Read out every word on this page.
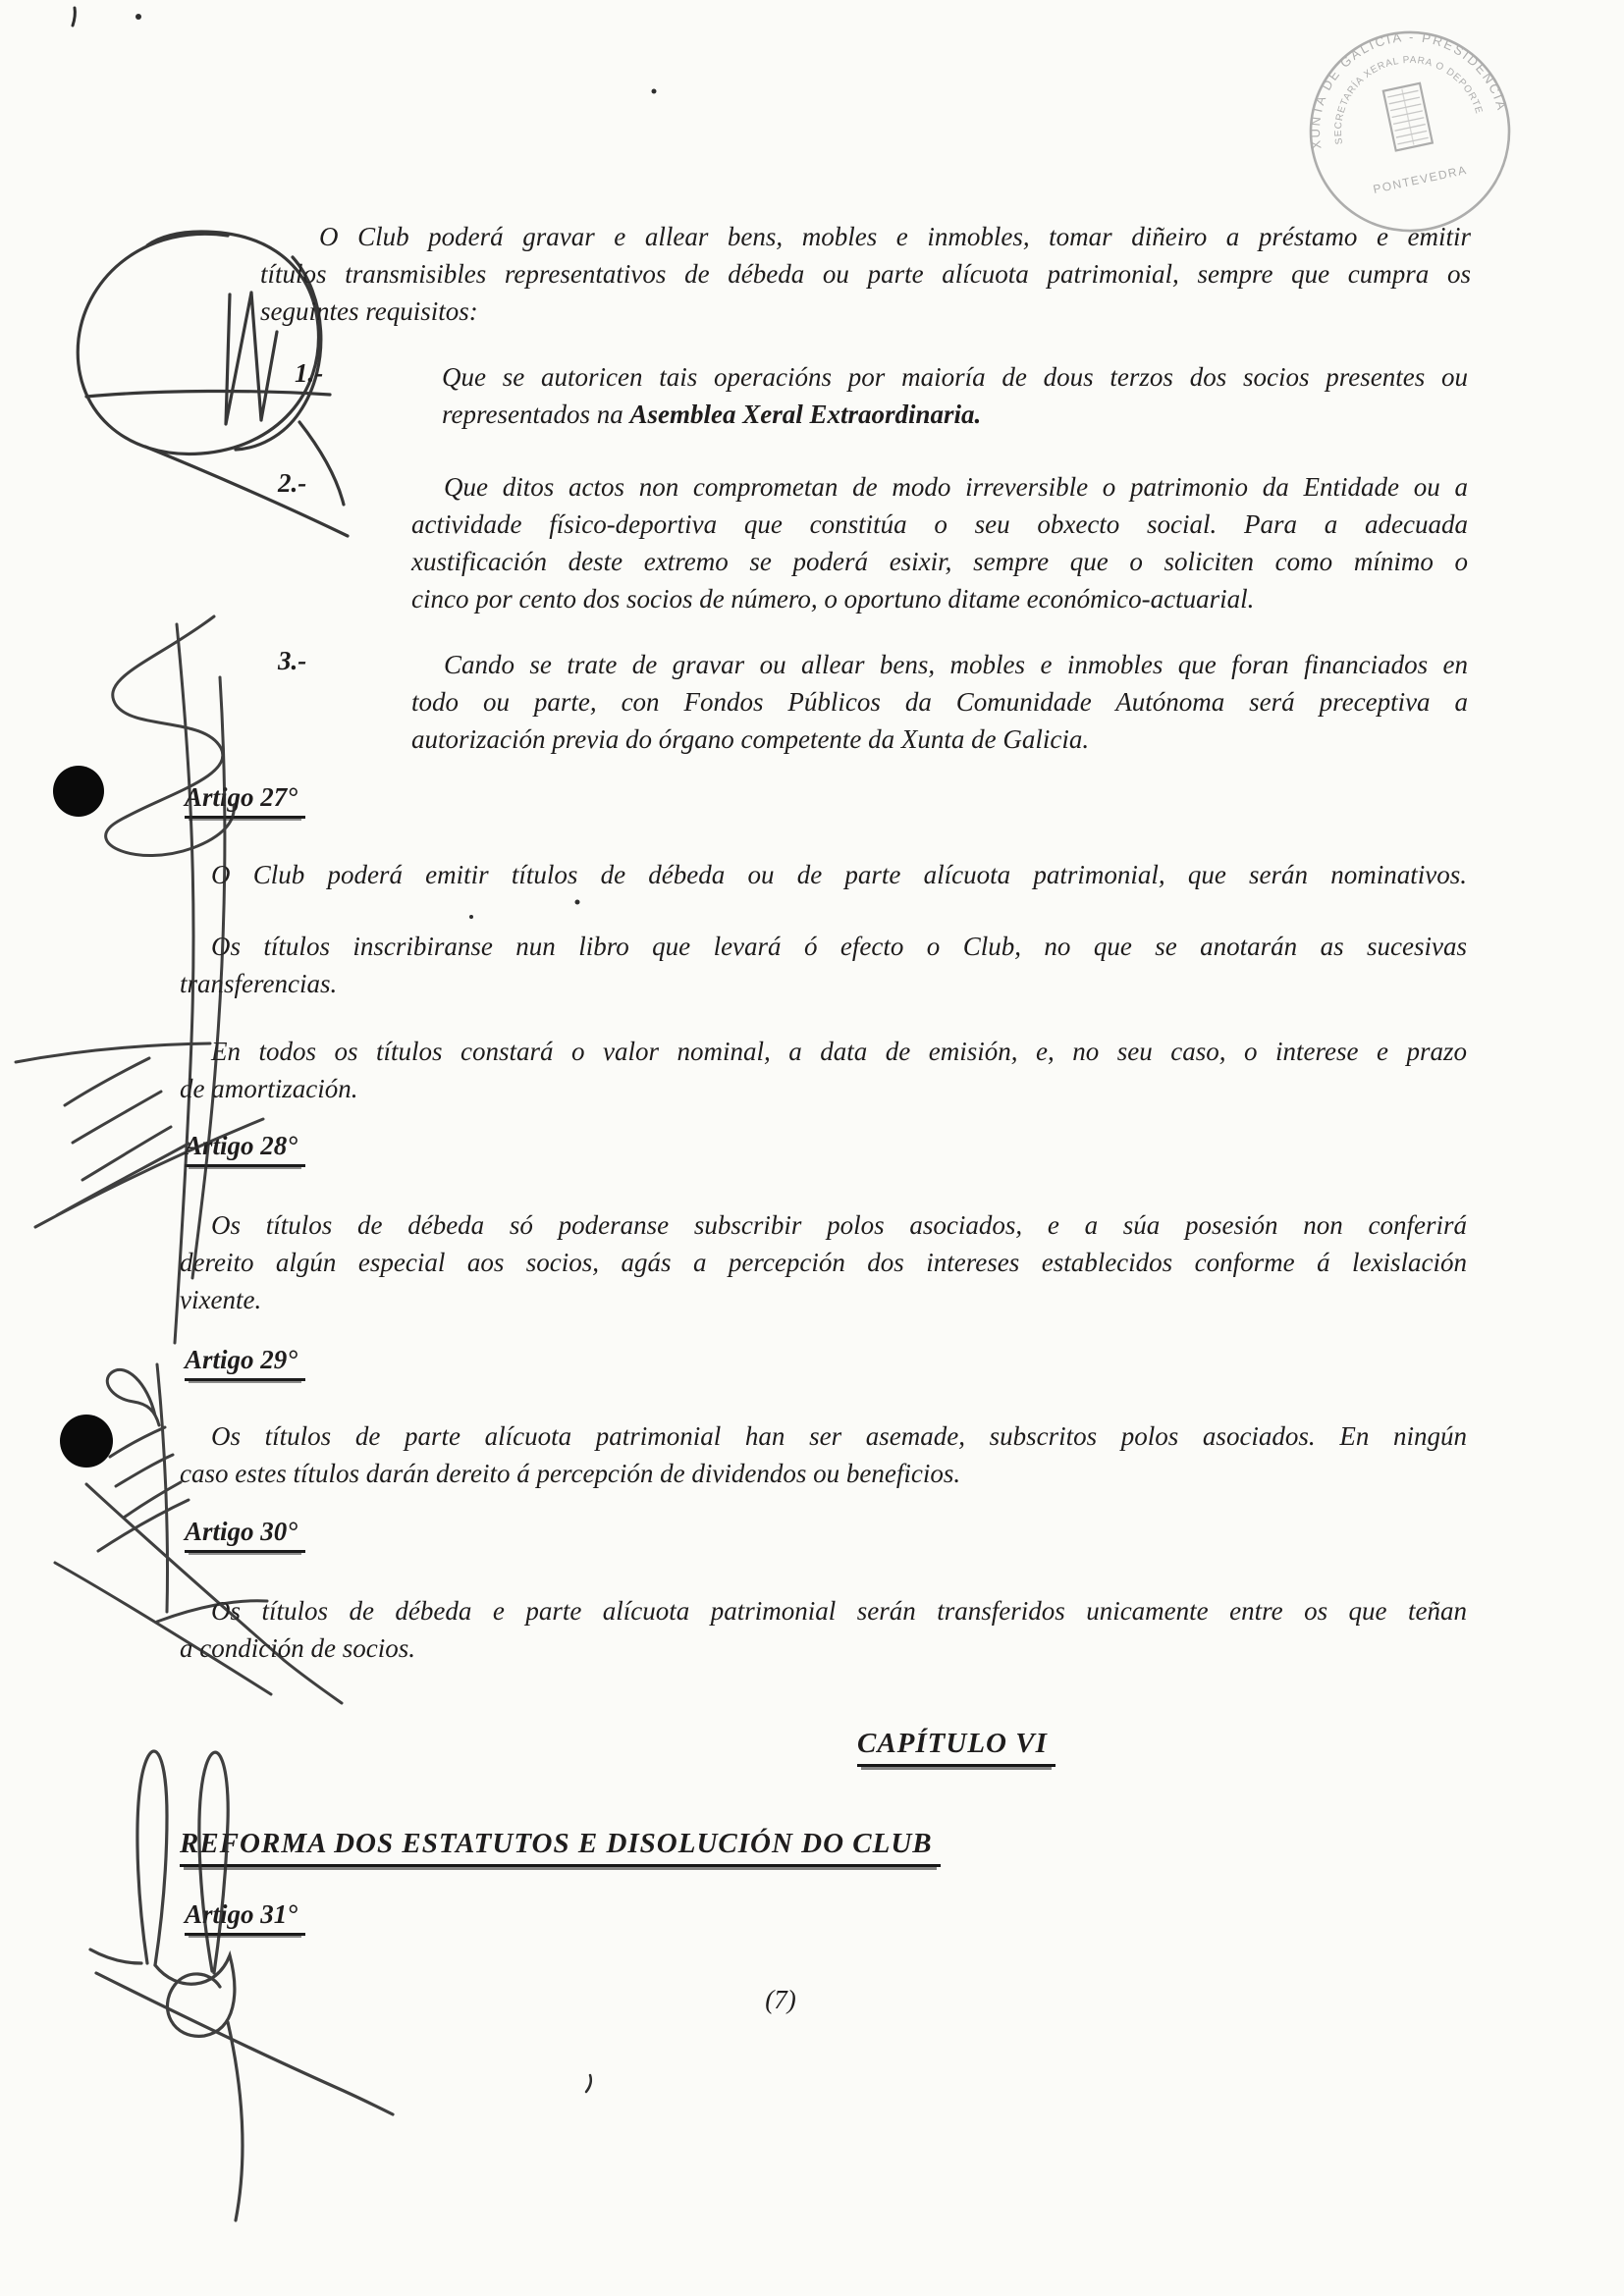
O Club poderá gravar e allear bens, mobles e inmobles, tomar diñeiro a préstamo e emitir
títulos transmisibles representativos de débeda ou parte alícuota patrimonial, sempre que cumpra os
seguintes requisitos:
1.-	Que se autoricen tais operacións por maioría de dous terzos dos socios presentes ou
representados na Asemblea Xeral Extraordinaria.
2.-	Que ditos actos non comprometan de modo irreversible o patrimonio da Entidade ou a
actividade físico-deportiva que constitúa o seu obxecto social. Para a adecuada
xustificación deste extremo se poderá esixir, sempre que o soliciten como mínimo o
cinco por cento dos socios de número, o oportuno ditame económico-actuarial.
3.-	Cando se trate de gravar ou allear bens, mobles e inmobles que foran financiados en
todo ou parte, con Fondos Públicos da Comunidade Autónoma será preceptiva a
autorización previa do órgano competente da Xunta de Galicia.
Artigo 27°
O Club poderá emitir títulos de débeda ou de parte alícuota patrimonial, que serán nominativos.
Os títulos inscribiranse nun libro que levará ó efecto o Club, no que se anotarán as sucesivas
transferencias.
En todos os títulos constará o valor nominal, a data de emisión, e, no seu caso, o interese e prazo
de amortización.
Artigo 28°
Os títulos de débeda só poderanse subscribir polos asociados, e a súa posesión non conferirá
dereito algún especial aos socios, agás a percepción dos intereses establecidos conforme á lexislación
vixente.
Artigo 29°
Os títulos de parte alícuota patrimonial han ser asemade, subscritos polos asociados. En ningún
caso estes títulos darán dereito á percepción de dividendos ou beneficios.
Artigo 30°
Os títulos de débeda e parte alícuota patrimonial serán transferidos unicamente entre os que teñan
a condición de socios.
CAPÍTULO VI
REFORMA DOS ESTATUTOS E DISOLUCIÓN DO CLUB
Artigo 31°
(7)
XUNTA DE GALICIA - PRESIDENCIA
SECRETARÍA XERAL PARA O DEPORTE
PONTEVEDRA
